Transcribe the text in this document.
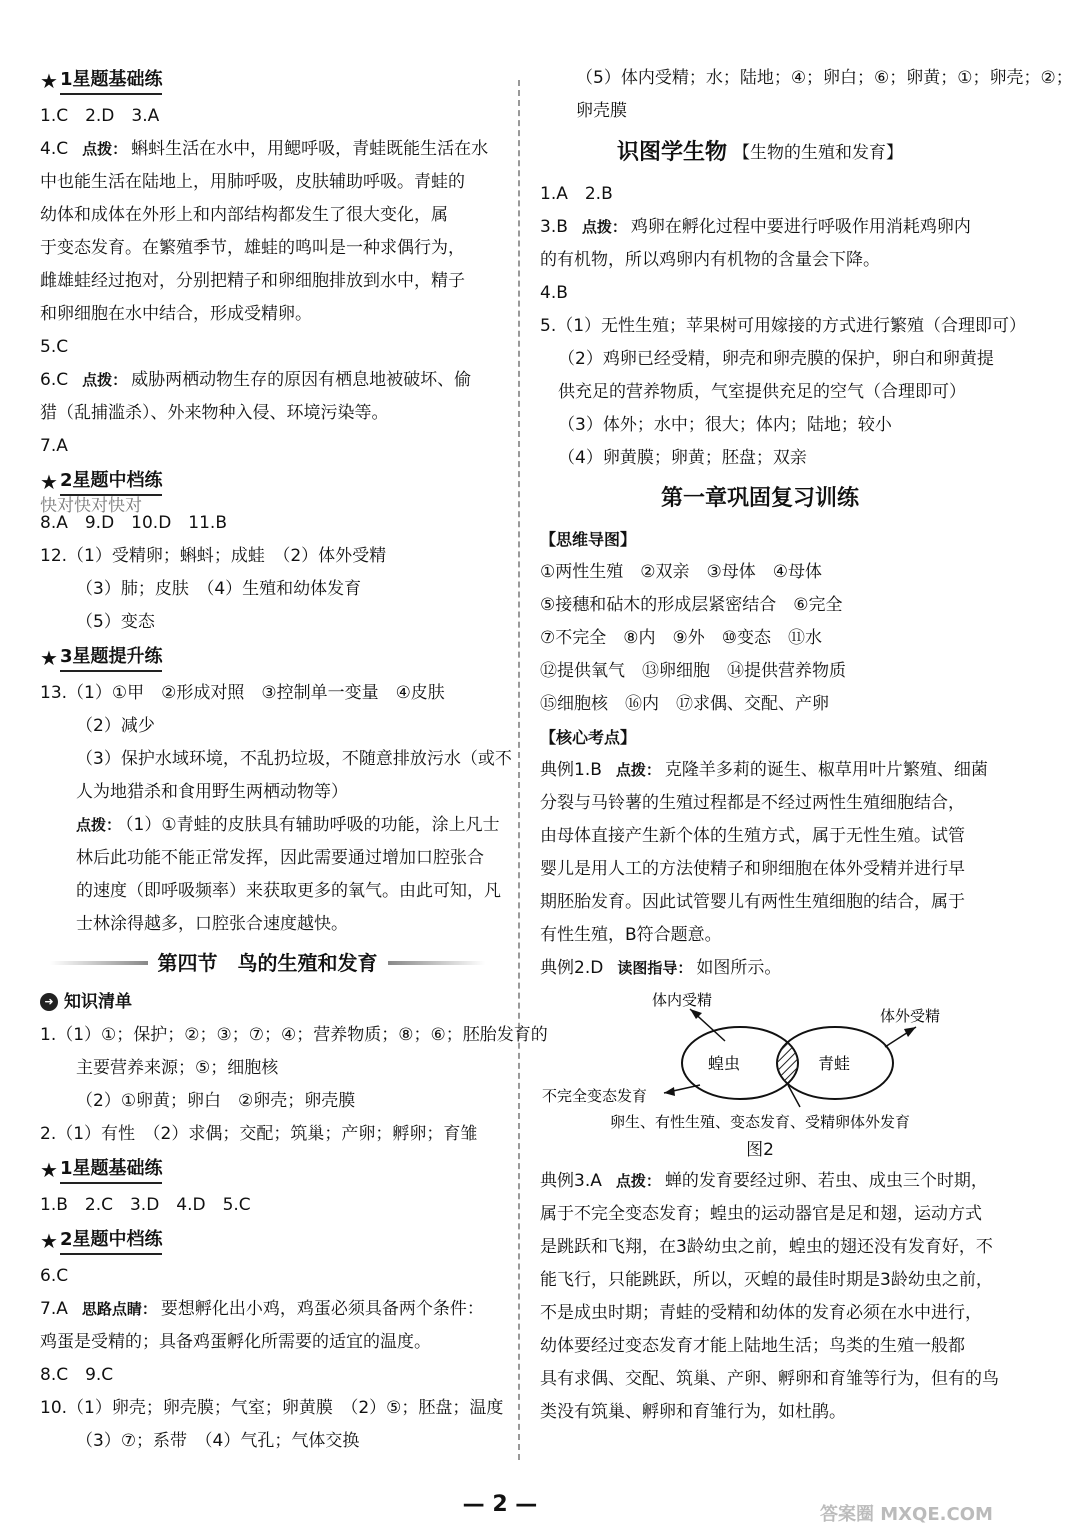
★ 1星题基础练
1.C　2.D　3.A
4.C 点拨： 蝌蚪生活在水中，用鳃呼吸，青蛙既能生活在水
中也能生活在陆地上，用肺呼吸，皮肤辅助呼吸。青蛙的
幼体和成体在外形上和内部结构都发生了很大变化，属
于变态发育。在繁殖季节，雄蛙的鸣叫是一种求偶行为，
雌雄蛙经过抱对，分别把精子和卵细胞排放到水中，精子
和卵细胞在水中结合，形成受精卵。
5.C
6.C 点拨： 威胁两栖动物生存的原因有栖息地被破坏、偷
猎（乱捕滥杀）、外来物种入侵、环境污染等。
7.A
★ 2星题中档练
快对快对快对
8.A　9.D　10.D　11.B
12.（1）受精卵；蝌蚪；成蛙　（2）体外受精
（3）肺；皮肤　（4）生殖和幼体发育
（5）变态
★ 3星题提升练
13.（1）①甲　②形成对照　③控制单一变量　④皮肤
（2）减少
（3）保护水域环境，不乱扔垃圾，不随意排放污水（或不
人为地猎杀和食用野生两栖动物等）
点拨： （1）①青蛙的皮肤具有辅助呼吸的功能，涂上凡士
林后此功能不能正常发挥，因此需要通过增加口腔张合
的速度（即呼吸频率）来获取更多的氧气。由此可知，凡
士林涂得越多，口腔张合速度越快。
第四节　鸟的生殖和发育
➜ 知识清单
1.（1）①；保护；②；③；⑦；④；营养物质；⑧；⑥；胚胎发育的
主要营养来源；⑤；细胞核
（2）①卵黄；卵白　②卵壳；卵壳膜
2.（1）有性　（2）求偶；交配；筑巢；产卵；孵卵；育雏
★ 1星题基础练
1.B　2.C　3.D　4.D　5.C
★ 2星题中档练
6.C
7.A 思路点睛： 要想孵化出小鸡，鸡蛋必须具备两个条件：
鸡蛋是受精的；具备鸡蛋孵化所需要的适宜的温度。
8.C　9.C
10.（1）卵壳；卵壳膜；气室；卵黄膜　（2）⑤；胚盘；温度
（3）⑦；系带　（4）气孔；气体交换
（5）体内受精；水；陆地；④；卵白；⑥；卵黄；①；卵壳；②；
卵壳膜
识图学生物 【生物的生殖和发育】
1.A　2.B
3.B 点拨： 鸡卵在孵化过程中要进行呼吸作用消耗鸡卵内
的有机物，所以鸡卵内有机物的含量会下降。
4.B
5.（1）无性生殖；苹果树可用嫁接的方式进行繁殖（合理即可）
（2）鸡卵已经受精，卵壳和卵壳膜的保护，卵白和卵黄提
供充足的营养物质，气室提供充足的空气（合理即可）
（3）体外；水中；很大；体内；陆地；较小
（4）卵黄膜；卵黄；胚盘；双亲
第一章巩固复习训练
【思维导图】
①两性生殖　②双亲　③母体　④母体
⑤接穗和砧木的形成层紧密结合　⑥完全
⑦不完全　⑧内　⑨外　⑩变态　⑪水
⑫提供氧气　⑬卵细胞　⑭提供营养物质
⑮细胞核　⑯内　⑰求偶、交配、产卵
【核心考点】
典例1.B 点拨： 克隆羊多莉的诞生、椒草用叶片繁殖、细菌
分裂与马铃薯的生殖过程都是不经过两性生殖细胞结合，
由母体直接产生新个体的生殖方式，属于无性生殖。试管
婴儿是用人工的方法使精子和卵细胞在体外受精并进行早
期胚胎发育。因此试管婴儿有两性生殖细胞的结合，属于
有性生殖，B符合题意。
典例2.D 读图指导： 如图所示。
体内受精
体外受精
蝗虫	青蛙
不完全变态发育
卵生、有性生殖、变态发育、受精卵体外发育
图2
典例3.A 点拨： 蝉的发育要经过卵、若虫、成虫三个时期，
属于不完全变态发育；蝗虫的运动器官是足和翅，运动方式
是跳跃和飞翔，在3龄幼虫之前，蝗虫的翅还没有发育好，不
能飞行，只能跳跃，所以，灭蝗的最佳时期是3龄幼虫之前，
不是成虫时期；青蛙的受精和幼体的发育必须在水中进行，
幼体要经过变态发育才能上陆地生活；鸟类的生殖一般都
具有求偶、交配、筑巢、产卵、孵卵和育雏等行为，但有的鸟
类没有筑巢、孵卵和育雏行为，如杜鹃。
— 2 —	答案圈 MXQE.COM
